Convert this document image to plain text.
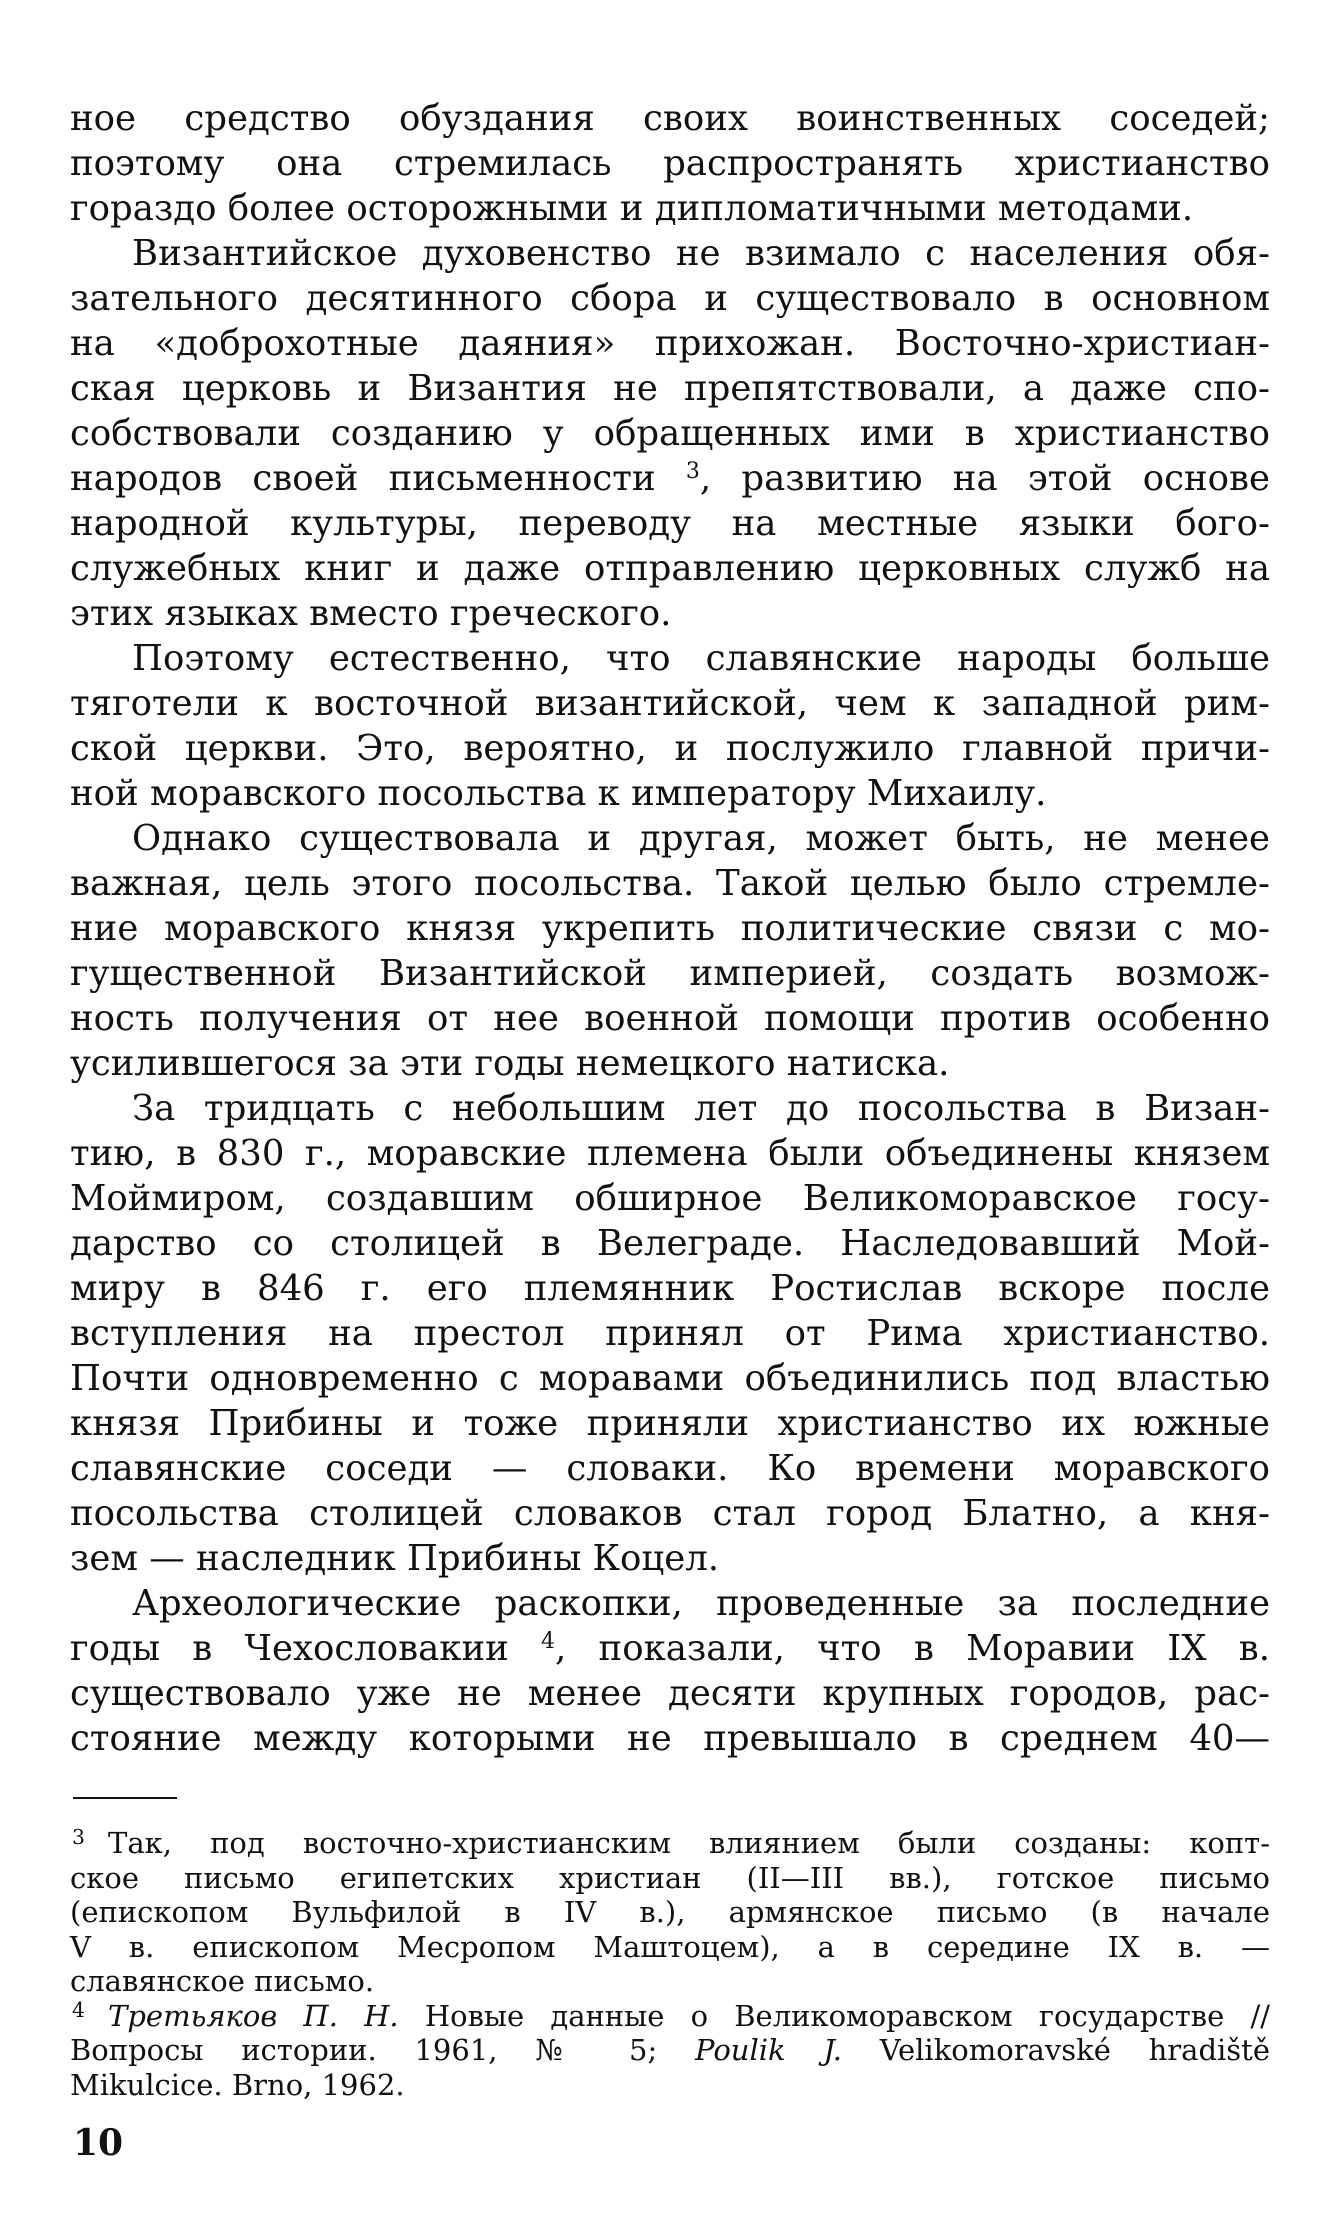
ное средство обуздания своих воинственных соседей;
поэтому она стремилась распространять христианство
гораздо более осторожными и дипломатичными методами.

Византийское духовенство не взимало с населения обя-
зательного десятинного сбора и существовало в основном
на «доброхотные даяния» прихожан. Восточно-христиан-
ская церковь и Византия не препятствовали, а даже спо-
собствовали созданию у обращенных ими в христианство
народов своей письменности $^3$, развитию на этой основе
народной культуры, переводу на местные языки бого-
служебных книг и даже отправлению церковных служб на
этих языках вместо греческого.

Поэтому естественно, что славянские народы больше
тяготели к восточной византийской, чем к западной рим-
ской церкви. Это, вероятно, и послужило главной причи-
ной моравского посольства к императору Михаилу.

Однако существовала и другая, может быть, не менее
важная, цель этого посольства. Такой целью было стремле-
ние моравского князя укрепить политические связи с мо-
гущественной Византийской империей, создать возмож-
ность получения от нее военной помощи против особенно
усилившегося за эти годы немецкого натиска.

За тридцать с небольшим лет до посольства в Визан-
тию, в 830 г., моравские племена были объединены князем
Моймиром, создавшим обширное Великоморавское госу-
дарство со столицей в Велеграде. Наследовавший Мой-
миру в 846 г. его племянник Ростислав вскоре после
вступления на престол принял от Рима христианство.
Почти одновременно с моравами объединились под властью
князя Прибины и тоже приняли христианство их южные
славянские соседи — словаки. Ко времени моравского
посольства столицей словаков стал город Блатно, а кня-
зем — наследник Прибины Коцел.

Археологические раскопки, проведенные за последние
годы в Чехословакии $^4$, показали, что в Моравии IX в.
существовало уже не менее десяти крупных городов, рас-
стояние между которыми не превышало в среднем 40—

3 Так, под восточно-христианским влиянием были созданы: копт-
ское письмо египетских христиан (II—III вв.), готское письмо
(епископом Вульфилой в IV в.), армянское письмо (в начале
V в. епископом Месропом Маштоцем), а в середине IX в. —
славянское письмо.
4 Третьяков П. Н. Новые данные о Великоморавском государстве //
Вопросы истории. 1961, № 5; Poulik J. Velikomoravské hradiště
Mikulcice. Brno, 1962.
10
